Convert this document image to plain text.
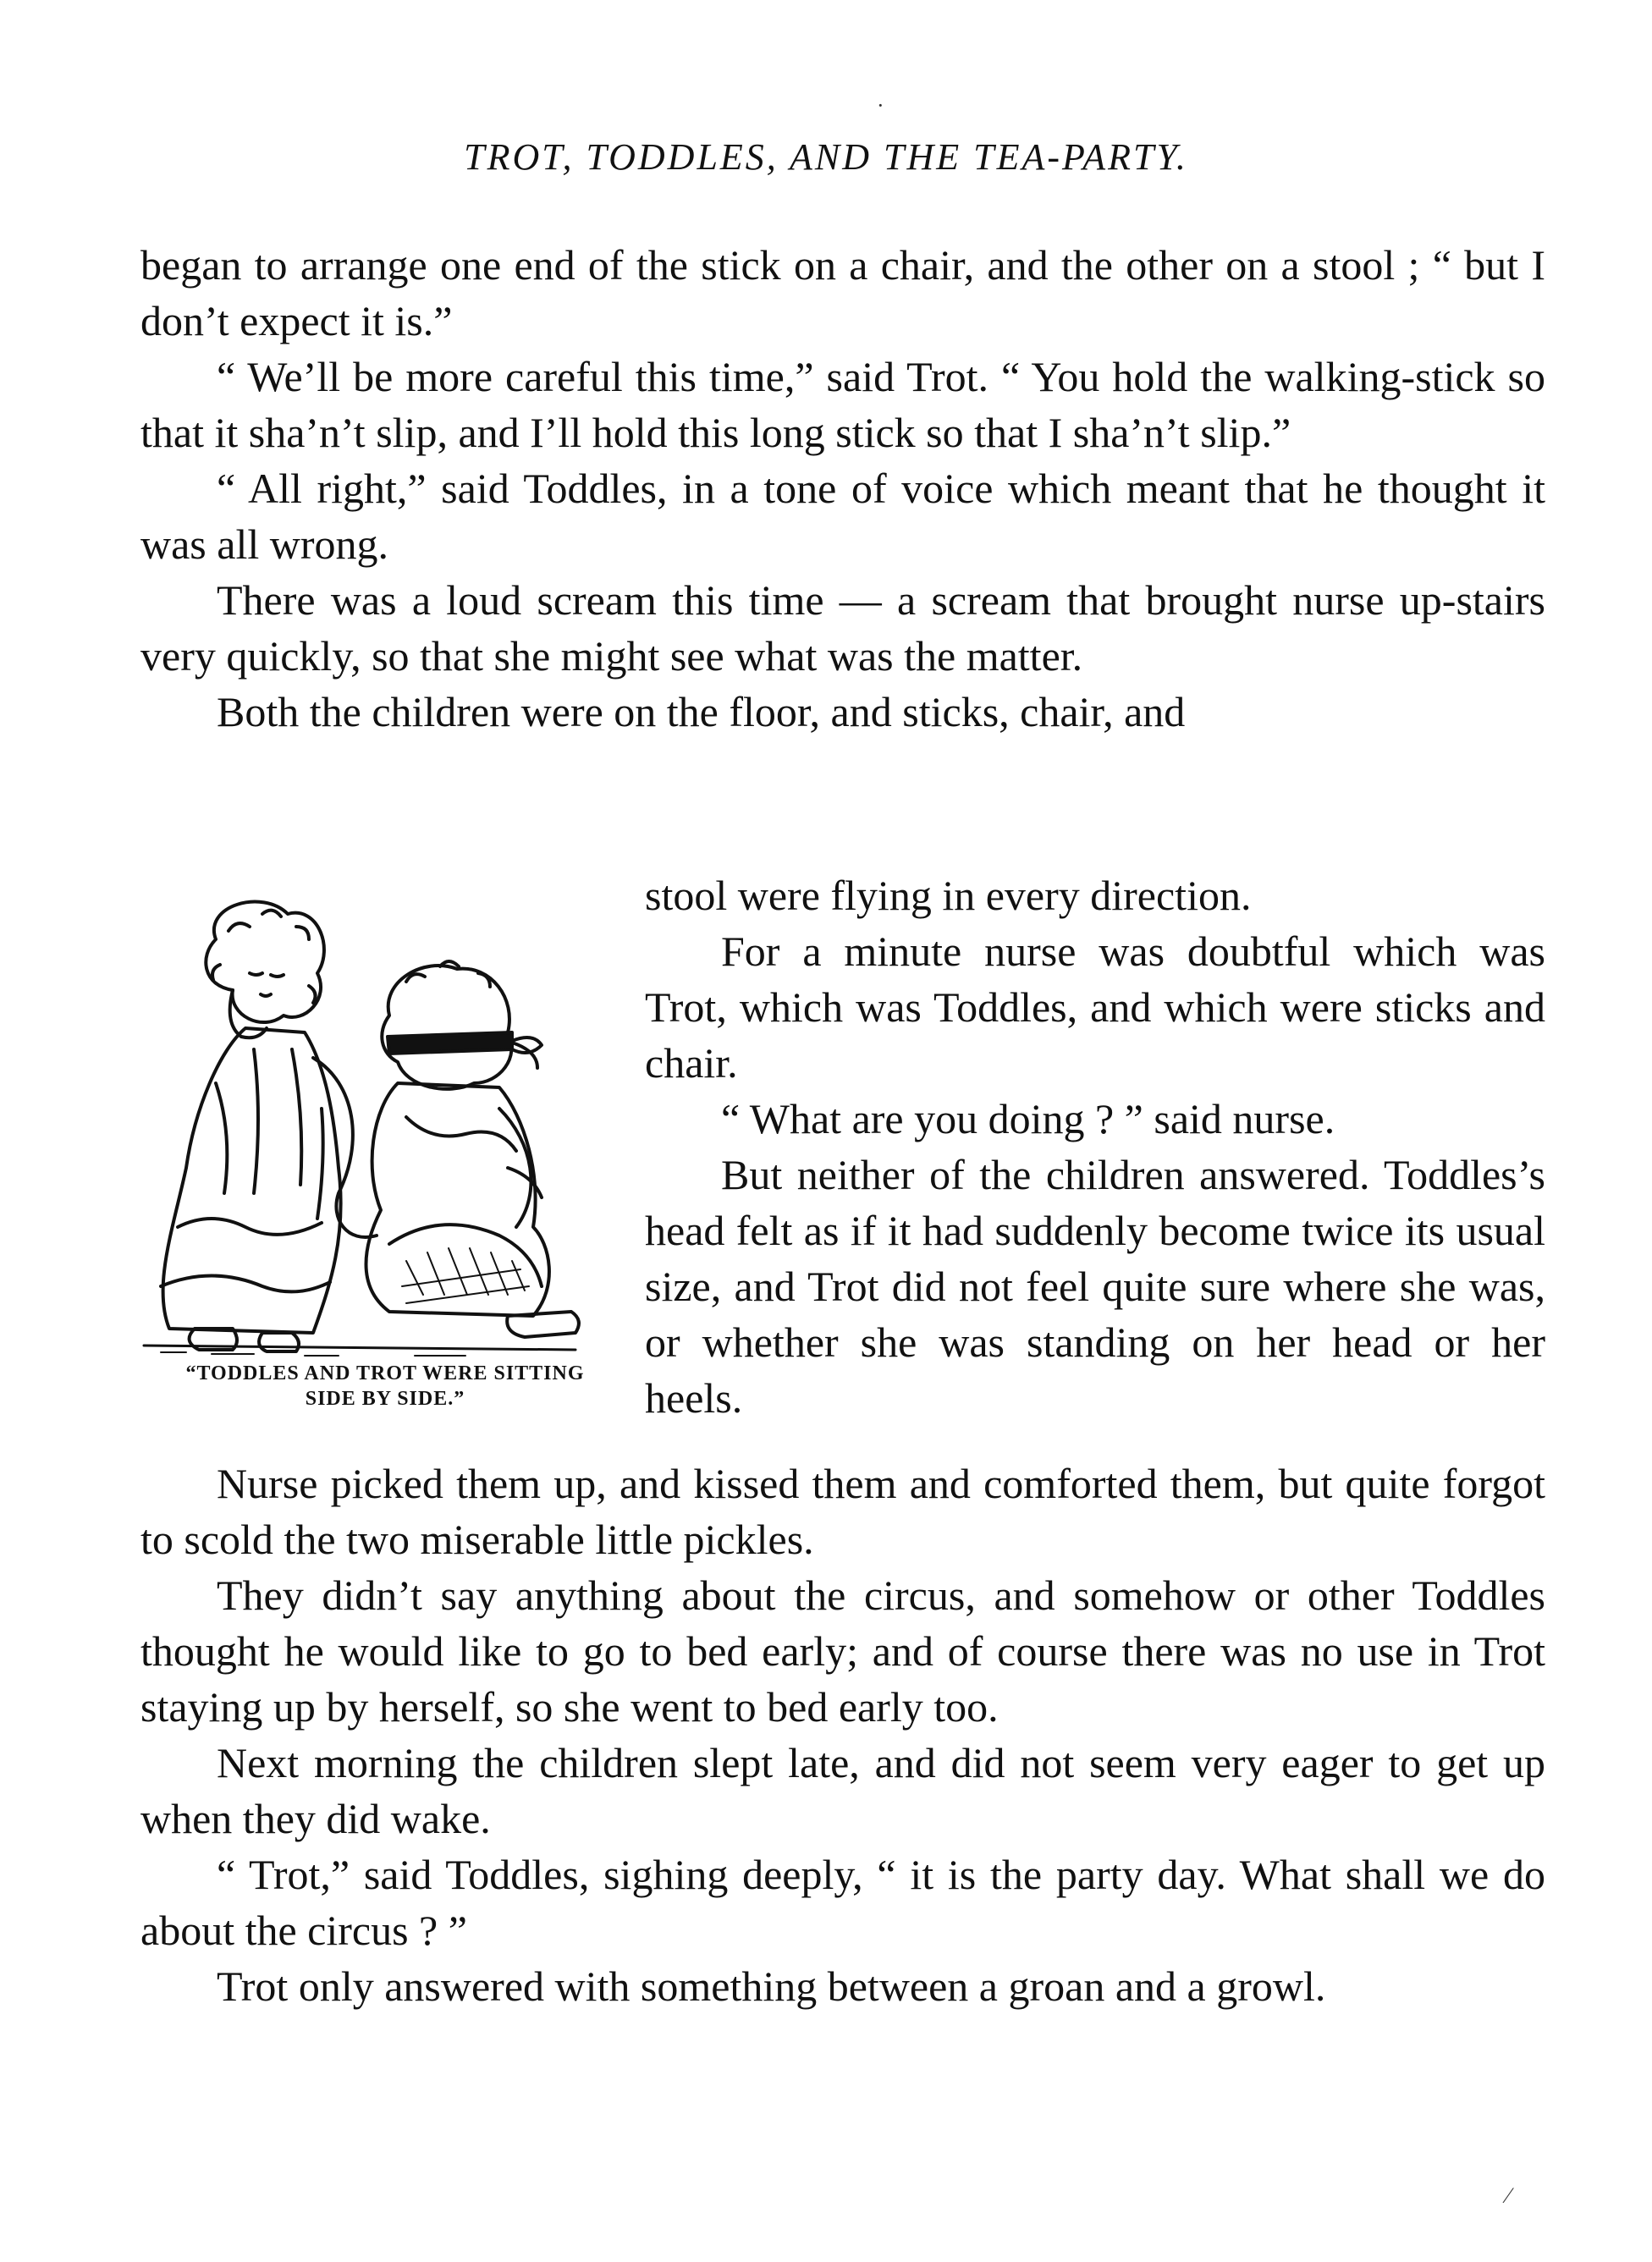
TROT, TODDLES, AND THE TEA-PARTY.

began to arrange one end of the stick on a chair, and the other on a stool ; “ but I don’t expect it is.”

“ We’ll be more careful this time,” said Trot. “ You hold the walking-stick so that it sha’n’t slip, and I’ll hold this long stick so that I sha’n’t slip.”

“ All right,” said Toddles, in a tone of voice which meant that he thought it was all wrong.

There was a loud scream this time — a scream that brought nurse up-stairs very quickly, so that she might see what was the matter.

Both the children were on the floor, and sticks, chair, and

“TODDLES AND TROT WERE SITTING
SIDE BY SIDE.”

stool were flying in every direction.

For a minute nurse was doubtful which was Trot, which was Toddles, and which were sticks and chair.

“ What are you doing ? ” said nurse.

But neither of the children answered. Toddles’s head felt as if it had suddenly become twice its usual size, and Trot did not feel quite sure where she was, or whether she was standing on her head or her heels.

Nurse picked them up, and kissed them and comforted them, but quite forgot to scold the two miserable little pickles.

They didn’t say anything about the circus, and somehow or other Toddles thought he would like to go to bed early; and of course there was no use in Trot staying up by herself, so she went to bed early too.

Next morning the children slept late, and did not seem very eager to get up when they did wake.

“ Trot,” said Toddles, sighing deeply, “ it is the party day. What shall we do about the circus ? ”

Trot only answered with something between a groan and a growl.

·
⁄
